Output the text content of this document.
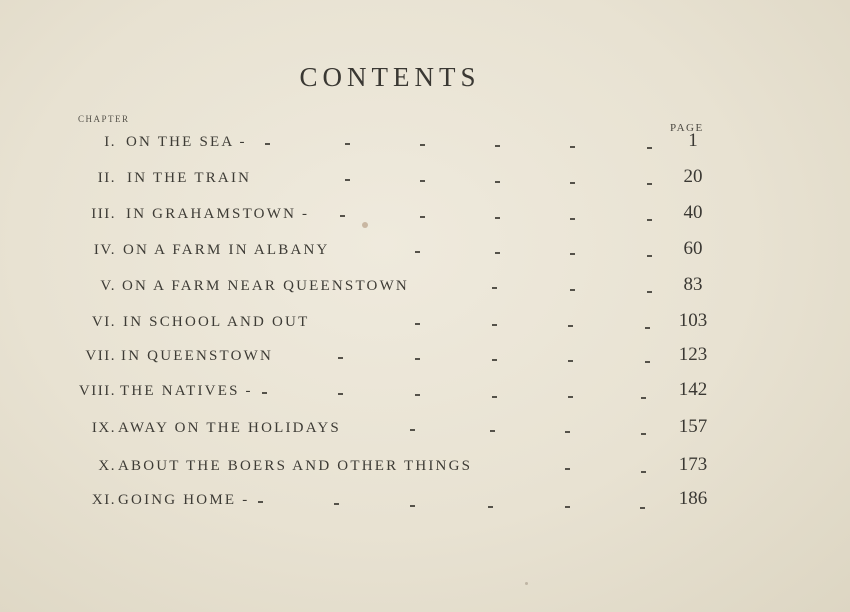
CONTENTS
CHAPTER
PAGE
I. ON THE SEA -	1
II. IN THE TRAIN	20
III. IN GRAHAMSTOWN -	40
IV. ON A FARM IN ALBANY	60
V. ON A FARM NEAR QUEENSTOWN	83
VI. IN SCHOOL AND OUT	103
VII. IN QUEENSTOWN	123
VIII. THE NATIVES -	142
IX. AWAY ON THE HOLIDAYS	157
X. ABOUT THE BOERS AND OTHER THINGS	173
XI. GOING HOME -	186
